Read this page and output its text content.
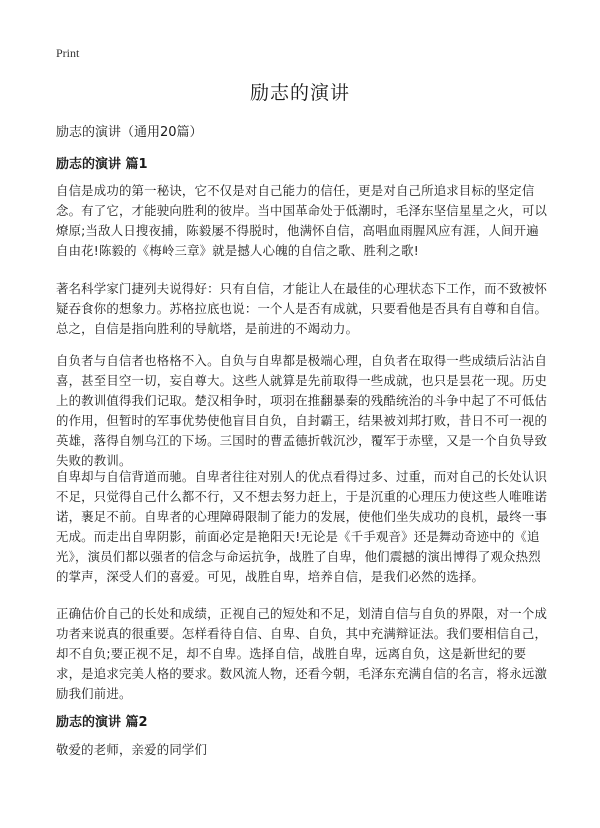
Print
励志的演讲
励志的演讲（通用20篇）
励志的演讲 篇1
自信是成功的第一秘诀，它不仅是对自己能力的信任，更是对自己所追求目标的坚定信念。有了它，才能驶向胜利的彼岸。当中国革命处于低潮时，毛泽东坚信星星之火，可以燎原;当敌人日搜夜捕，陈毅屡不得脱时，他满怀自信，高唱血雨腥风应有涯，人间开遍自由花!陈毅的《梅岭三章》就是撼人心魄的自信之歌、胜利之歌!
著名科学家门捷列夫说得好：只有自信，才能让人在最佳的心理状态下工作，而不致被怀疑吞食你的想象力。苏格拉底也说：一个人是否有成就，只要看他是否具有自尊和自信。总之，自信是指向胜利的导航塔，是前进的不竭动力。
自负者与自信者也格格不入。自负与自卑都是极端心理，自负者在取得一些成绩后沾沾自喜，甚至目空一切，妄自尊大。这些人就算是先前取得一些成就，也只是昙花一现。历史上的教训值得我们记取。楚汉相争时，项羽在推翻暴秦的残酷统治的斗争中起了不可低估的作用，但暂时的军事优势使他盲目自负，自封霸王，结果被刘邦打败，昔日不可一视的英雄，落得自刎乌江的下场。三国时的曹孟德折戟沉沙，覆军于赤壁，又是一个自负导致失败的教训。
自卑却与自信背道而驰。自卑者往往对别人的优点看得过多、过重，而对自己的长处认识不足，只觉得自己什么都不行，又不想去努力赶上，于是沉重的心理压力使这些人唯唯诺诺，裹足不前。自卑者的心理障碍限制了能力的发展，使他们坐失成功的良机，最终一事无成。而走出自卑阴影，前面必定是艳阳天!无论是《千手观音》还是舞动奇迹中的《追光》，演员们都以强者的信念与命运抗争，战胜了自卑，他们震撼的演出博得了观众热烈的掌声，深受人们的喜爱。可见，战胜自卑，培养自信，是我们必然的选择。
正确估价自己的长处和成绩，正视自己的短处和不足，划清自信与自负的界限，对一个成功者来说真的很重要。怎样看待自信、自卑、自负，其中充满辩证法。我们要相信自己，却不自负;要正视不足，却不自卑。选择自信，战胜自卑，远离自负，这是新世纪的要求，是追求完美人格的要求。数风流人物，还看今朝，毛泽东充满自信的名言，将永远激励我们前进。
励志的演讲 篇2
敬爱的老师，亲爱的同学们
